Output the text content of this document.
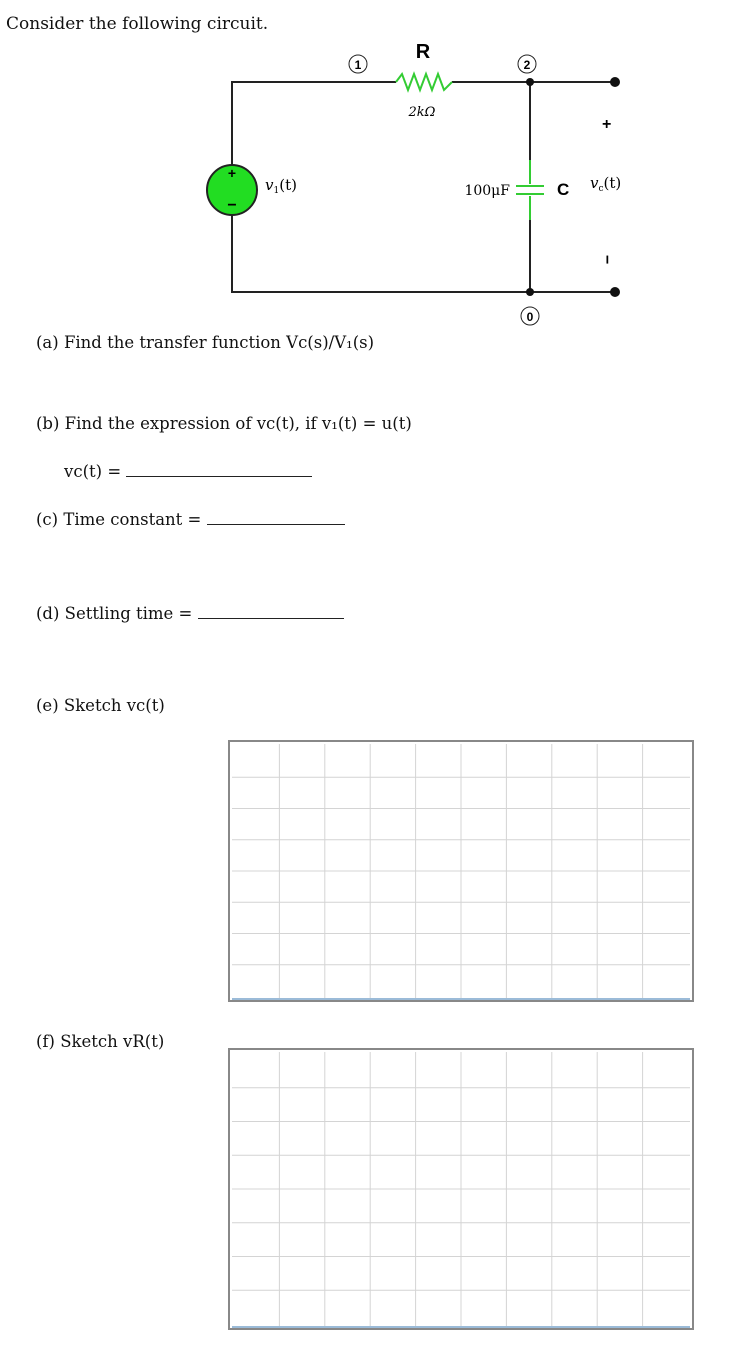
Consider the following circuit.
+
−
1	2
0
R
2kΩ
100μF	C
+
−
$v_1(t)$	$v_c(t)$
(a) Find the transfer function Vc(s)/V₁(s)
(b) Find the expression of vc(t), if v₁(t) = u(t)
vc(t) =
(c) Time constant =
(d) Settling time =
(e) Sketch vc(t)
(f) Sketch vR(t)
